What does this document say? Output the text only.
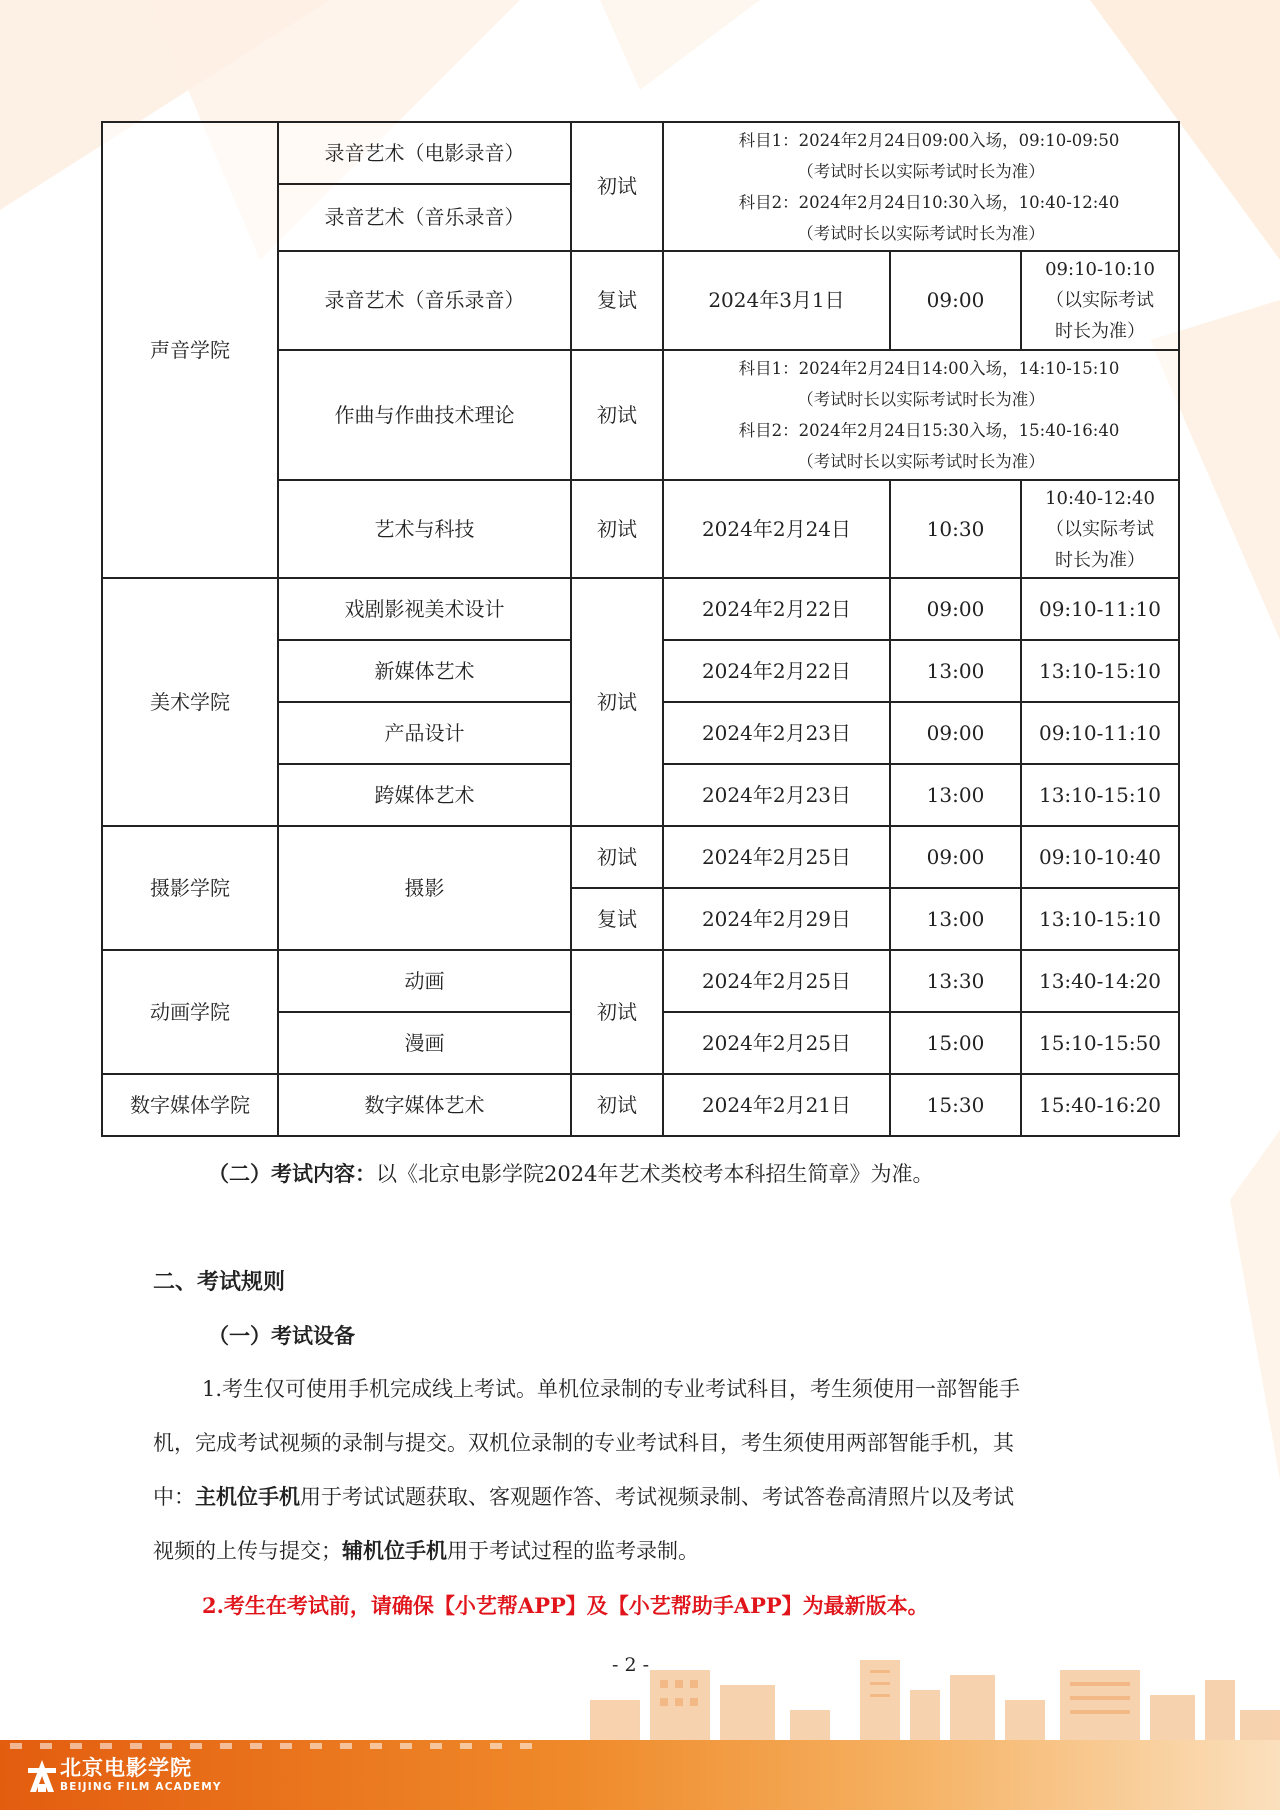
声音学院	录音艺术（电影录音）	初试	科目1：2024年2月24日09:00入场，09:10-09:50
（考试时长以实际考试时长为准）
科目2：2024年2月24日10:30入场，10:40-12:40
（考试时长以实际考试时长为准）		
	录音艺术（音乐录音）				
	录音艺术（音乐录音）	复试	2024年3月1日	09:00	09:10-10:10
（以实际考试
时长为准）

	作曲与作曲技术理论	初试	科目1：2024年2月24日14:00入场，14:10-15:10
（考试时长以实际考试时长为准）
科目2：2024年2月24日15:30入场，15:40-16:40
（考试时长以实际考试时长为准）		
	艺术与科技	初试	2024年2月24日	10:30	10:40-12:40
（以实际考试
时长为准）

美术学院	戏剧影视美术设计	初试	2024年2月22日	09:00	09:10-11:10
	新媒体艺术		2024年2月22日	13:00	13:10-15:10
	产品设计		2024年2月23日	09:00	09:10-11:10
	跨媒体艺术		2024年2月23日	13:00	13:10-15:10
摄影学院	摄影	初试	2024年2月25日	09:00	09:10-10:40
		复试	2024年2月29日	13:00	13:10-15:10
动画学院	动画	初试	2024年2月25日	13:30	13:40-14:20
	漫画		2024年2月25日	15:00	15:10-15:50
数字媒体学院	数字媒体艺术	初试	2024年2月21日	15:30	15:40-16:20

（二）考试内容：以《北京电影学院2024年艺术类校考本科招生简章》为准。

二、考试规则

（一）考试设备

1.考生仅可使用手机完成线上考试。单机位录制的专业考试科目，考生须使用一部智能手

机，完成考试视频的录制与提交。双机位录制的专业考试科目，考生须使用两部智能手机，其

中：主机位手机用于考试试题获取、客观题作答、考试视频录制、考试答卷高清照片以及考试

视频的上传与提交；辅机位手机用于考试过程的监考录制。

2.考生在考试前，请确保【小艺帮APP】及【小艺帮助手APP】为最新版本。

- 2 -
北京电影学院
BEIJING FILM ACADEMY
